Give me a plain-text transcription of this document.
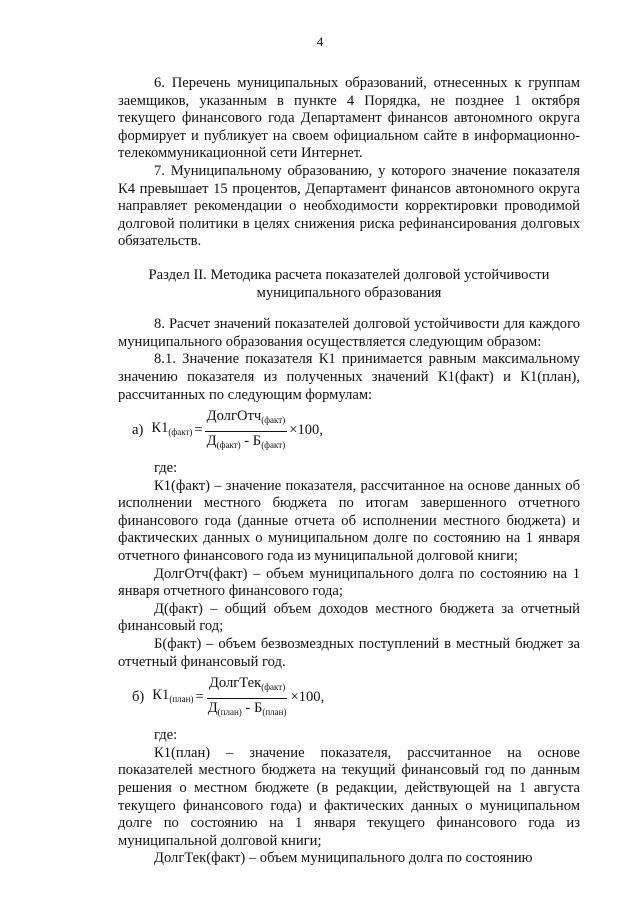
4

6. Перечень муниципальных образований, отнесенных к группам заемщиков, указанным в пункте 4 Порядка, не позднее 1 октября текущего финансового года Департамент финансов автономного округа формирует и публикует на своем официальном сайте в информационно-телекоммуникационной сети Интернет.

7. Муниципальному образованию, у которого значение показателя К4 превышает 15 процентов, Департамент финансов автономного округа направляет рекомендации о необходимости корректировки проводимой долговой политики в целях снижения риска рефинансирования долговых обязательств.

Раздел II. Методика расчета показателей долговой устойчивости
муниципального образования

8. Расчет значений показателей долговой устойчивости для каждого муниципального образования осуществляется следующим образом:

8.1. Значение показателя К1 принимается равным максимальному значению показателя из полученных значений К1(факт) и К1(план), рассчитанных по следующим формулам:

а) $К1_{(факт)} = \frac{ДолгОтч_{(факт)}}{Д_{(факт)} - Б_{(факт)}} \times 100$,

где:

К1(факт) – значение показателя, рассчитанное на основе данных об исполнении местного бюджета по итогам завершенного отчетного финансового года (данные отчета об исполнении местного бюджета) и фактических данных о муниципальном долге по состоянию на 1 января отчетного финансового года из муниципальной долговой книги;

ДолгОтч(факт) – объем муниципального долга по состоянию на 1 января отчетного финансового года;

Д(факт) – общий объем доходов местного бюджета за отчетный финансовый год;

Б(факт) – объем безвозмездных поступлений в местный бюджет за отчетный финансовый год.

б) $К1_{(план)} = \frac{ДолгТек_{(факт)}}{Д_{(план)} - Б_{(план)}} \times 100$,

где:

К1(план) – значение показателя, рассчитанное на основе показателей местного бюджета на текущий финансовый год по данным решения о местном бюджете (в редакции, действующей на 1 августа текущего финансового года) и фактических данных о муниципальном долге по состоянию на 1 января текущего финансового года из муниципальной долговой книги;

ДолгТек(факт) – объем муниципального долга по состоянию
